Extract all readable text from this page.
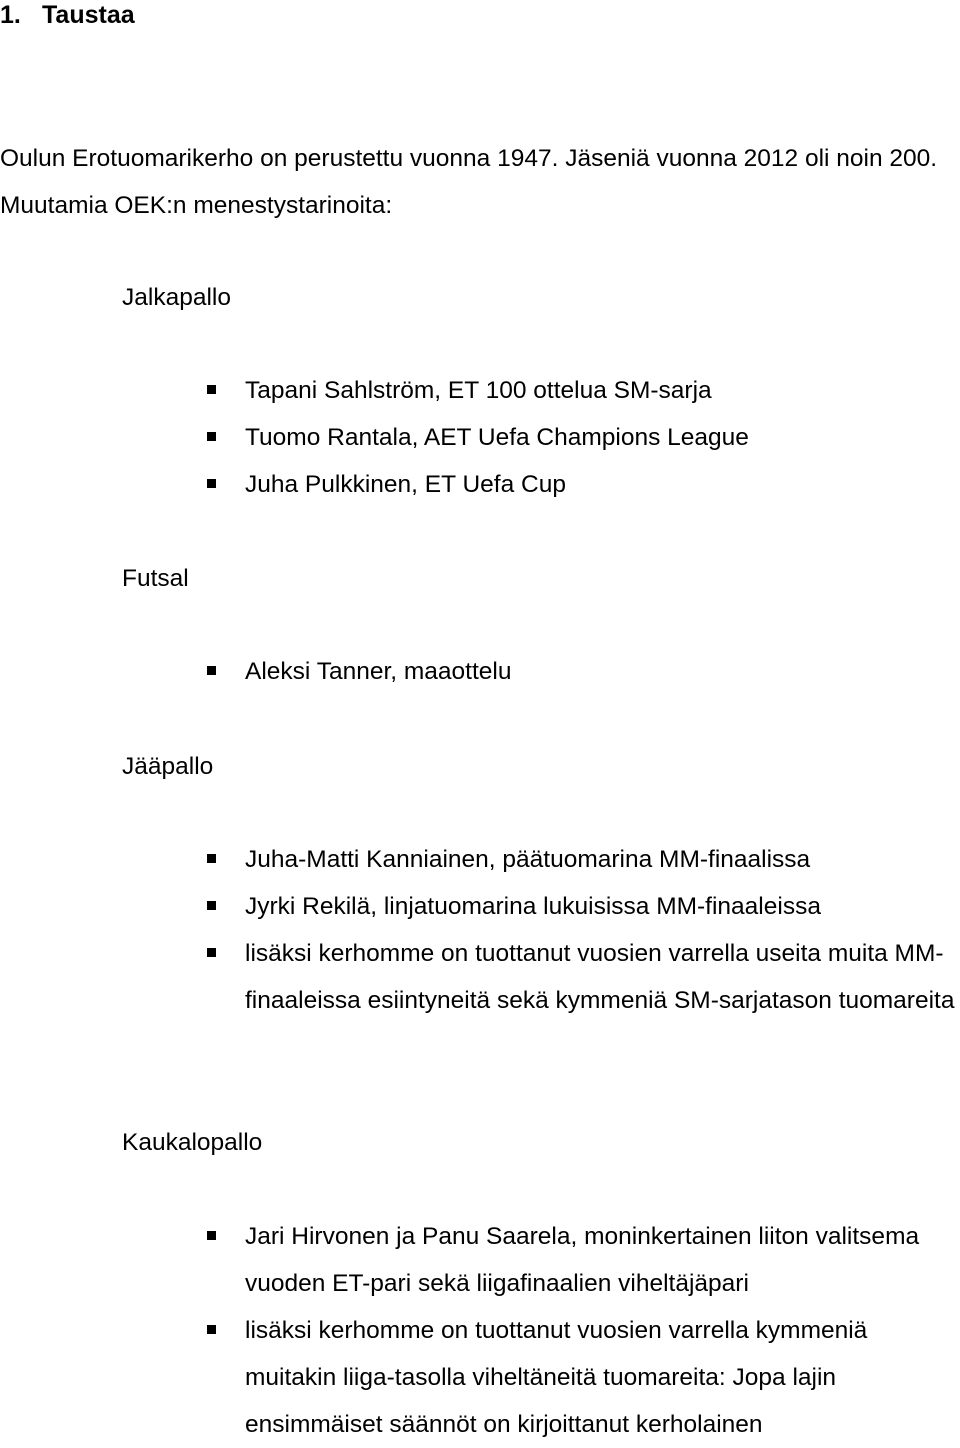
1. Taustaa

Oulun Erotuomarikerho on perustettu vuonna 1947. Jäseniä vuonna 2012 oli noin 200. Muutamia OEK:n menestystarinoita:

Jalkapallo

Tapani Sahlström, ET 100 ottelua SM-sarja
Tuomo Rantala, AET Uefa Champions League
Juha Pulkkinen, ET Uefa Cup

Futsal

Aleksi Tanner, maaottelu

Jääpallo

Juha-Matti Kanniainen, päätuomarina MM-finaalissa
Jyrki Rekilä, linjatuomarina lukuisissa MM-finaaleissa
lisäksi kerhomme on tuottanut vuosien varrella useita muita MM-finaaleissa esiintyneitä sekä kymmeniä SM-sarjatason tuomareita

Kaukalopallo

Jari Hirvonen ja Panu Saarela, moninkertainen liiton valitsema vuoden ET-pari sekä liigafinaalien viheltäjäpari
lisäksi kerhomme on tuottanut vuosien varrella kymmeniä muitakin liiga-tasolla viheltäneitä tuomareita: Jopa lajin ensimmäiset säännöt on kirjoittanut kerholainen
